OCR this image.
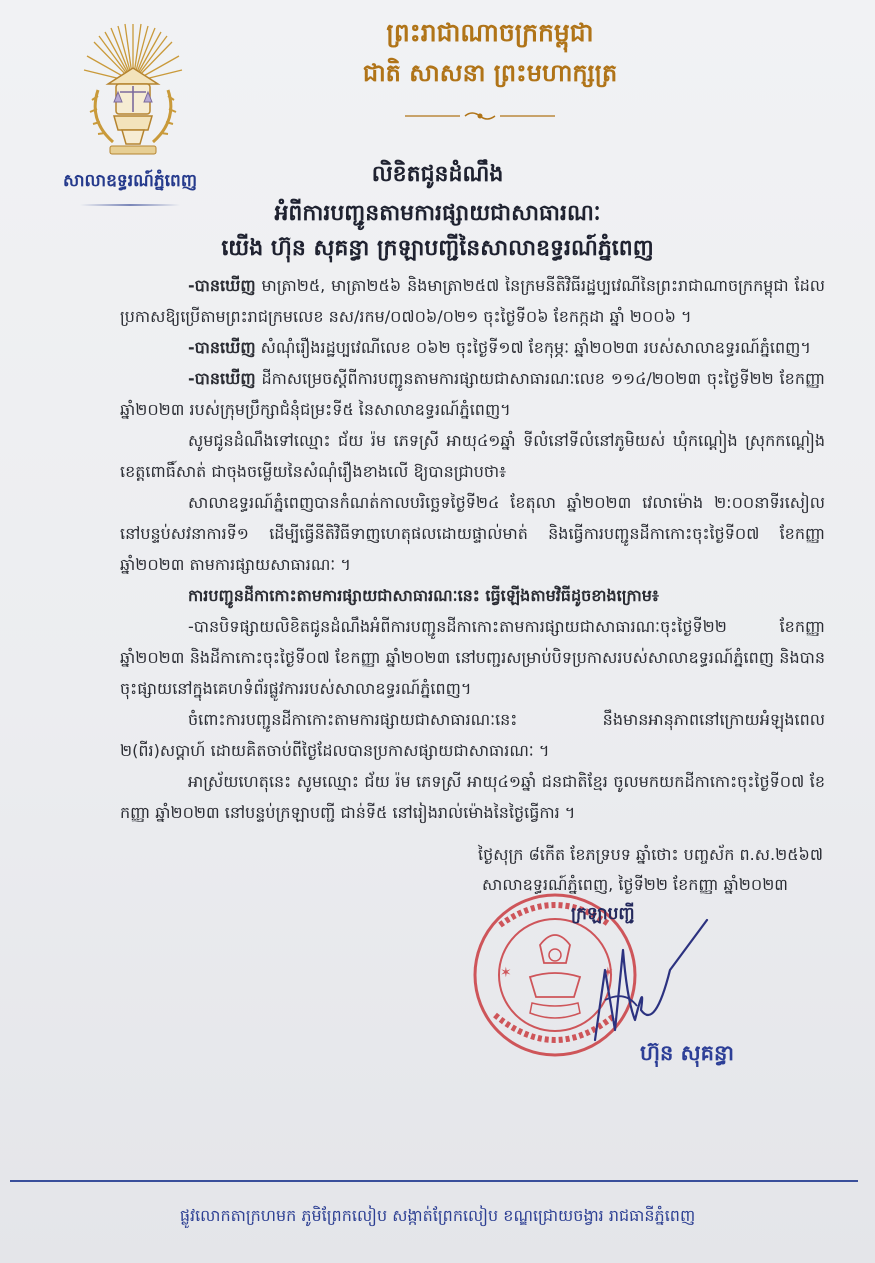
សាលាឧទ្ធរណ៍ភ្នំពេញ
ព្រះរាជាណាចក្រកម្ពុជា
ជាតិ សាសនា ព្រះមហាក្សត្រ
លិខិតជូនដំណឹង
អំពីការបញ្ជូនតាមការផ្សាយជាសាធារណៈ
យើង ហ៊ុន សុគន្ធា ក្រឡាបញ្ជីនៃសាលាឧទ្ធរណ៍ភ្នំពេញ

-បានឃើញ មាត្រា២៥, មាត្រា២៥៦ និងមាត្រា២៥៧ នៃក្រមនីតិវិធីរដ្ឋប្បវេណីនៃព្រះរាជាណាចក្រកម្ពុជា ដែលប្រកាសឱ្យប្រើតាមព្រះរាជក្រមលេខ នស/រកម/០៧០៦/០២១ ចុះថ្ងៃទី០៦ ខែកក្កដា ឆ្នាំ ២០០៦ ។

-បានឃើញ សំណុំរឿងរដ្ឋប្បវេណីលេខ ០៦២ ចុះថ្ងៃទី១៧ ខែកុម្ភៈ ឆ្នាំ២០២៣ របស់សាលាឧទ្ធរណ៍ភ្នំពេញ។

-បានឃើញ ដីកាសម្រេចស្ដីពីការបញ្ជូនតាមការផ្សាយជាសាធារណៈលេខ ១១៤/២០២៣ ចុះថ្ងៃទី២២ ខែកញ្ញា ឆ្នាំ២០២៣ របស់ក្រុមប្រឹក្សាជំនុំជម្រះទី៥ នៃសាលាឧទ្ធរណ៍ភ្នំពេញ។

សូមជូនដំណឹងទៅឈ្មោះ ជ័យ រ៉ម ភេទស្រី អាយុ៤១ឆ្នាំ ទីលំនៅទីលំនៅភូមិយស់ ឃុំកណ្ដៀង ស្រុកកណ្ដៀង ខេត្តពោធិ៍សាត់ ជាចុងចម្លើយនៃសំណុំរឿងខាងលើ ឱ្យបានជ្រាបថា៖

សាលាឧទ្ធរណ៍ភ្នំពេញបានកំណត់កាលបរិច្ឆេទថ្ងៃទី២៤ ខែតុលា ឆ្នាំ២០២៣ វេលាម៉ោង ២:០០នាទីរសៀល នៅបន្ទប់សវនាការទី១ ដើម្បីធ្វើនីតិវិធីទាញហេតុផលដោយផ្ទាល់មាត់ និងធ្វើការបញ្ជូនដីកាកោះចុះថ្ងៃទី០៧ ខែកញ្ញា ឆ្នាំ២០២៣ តាមការផ្សាយសាធារណៈ ។

ការបញ្ជូនដីកាកោះតាមការផ្សាយជាសាធារណៈនេះ ធ្វើឡើងតាមវិធីដូចខាងក្រោម៖

-បានបិទផ្សាយលិខិតជូនដំណឹងអំពីការបញ្ជូនដីកាកោះតាមការផ្សាយជាសាធារណៈចុះថ្ងៃទី២២ ខែកញ្ញា ឆ្នាំ២០២៣ និងដីកាកោះចុះថ្ងៃទី០៧ ខែកញ្ញា ឆ្នាំ២០២៣ នៅបញ្ជរសម្រាប់បិទប្រកាសរបស់សាលាឧទ្ធរណ៍ភ្នំពេញ និងបានចុះផ្សាយនៅក្នុងគេហទំព័រផ្លូវការរបស់សាលាឧទ្ធរណ៍ភ្នំពេញ។

ចំពោះការបញ្ជូនដីកាកោះតាមការផ្សាយជាសាធារណៈនេះ នឹងមានអានុភាពនៅក្រោយអំឡុងពេល ២(ពីរ)សប្ដាហ៍ ដោយគិតចាប់ពីថ្ងៃដែលបានប្រកាសផ្សាយជាសាធារណៈ ។

អាស្រ័យហេតុនេះ សូមឈ្មោះ ជ័យ រ៉ម ភេទស្រី អាយុ៤១ឆ្នាំ ជនជាតិខ្មែរ ចូលមកយកដីកាកោះចុះថ្ងៃទី០៧ ខែកញ្ញា ឆ្នាំ២០២៣ នៅបន្ទប់ក្រឡាបញ្ជី ជាន់ទី៥ នៅរៀងរាល់ម៉ោងនៃថ្ងៃធ្វើការ ។

ថ្ងៃសុក្រ ៨កើត ខែភទ្របទ ឆ្នាំថោះ បញ្ចស័ក ព.ស.២៥៦៧
សាលាឧទ្ធរណ៍ភ្នំពេញ, ថ្ងៃទី២២ ខែកញ្ញា ឆ្នាំ២០២៣
✶	✶
ក្រឡាបញ្ជី
ហ៊ុន សុគន្ធា
ផ្លូវលោកតាក្រហមក ភូមិព្រែកលៀប សង្កាត់ព្រែកលៀប ខណ្ឌជ្រោយចង្វារ រាជធានីភ្នំពេញ
